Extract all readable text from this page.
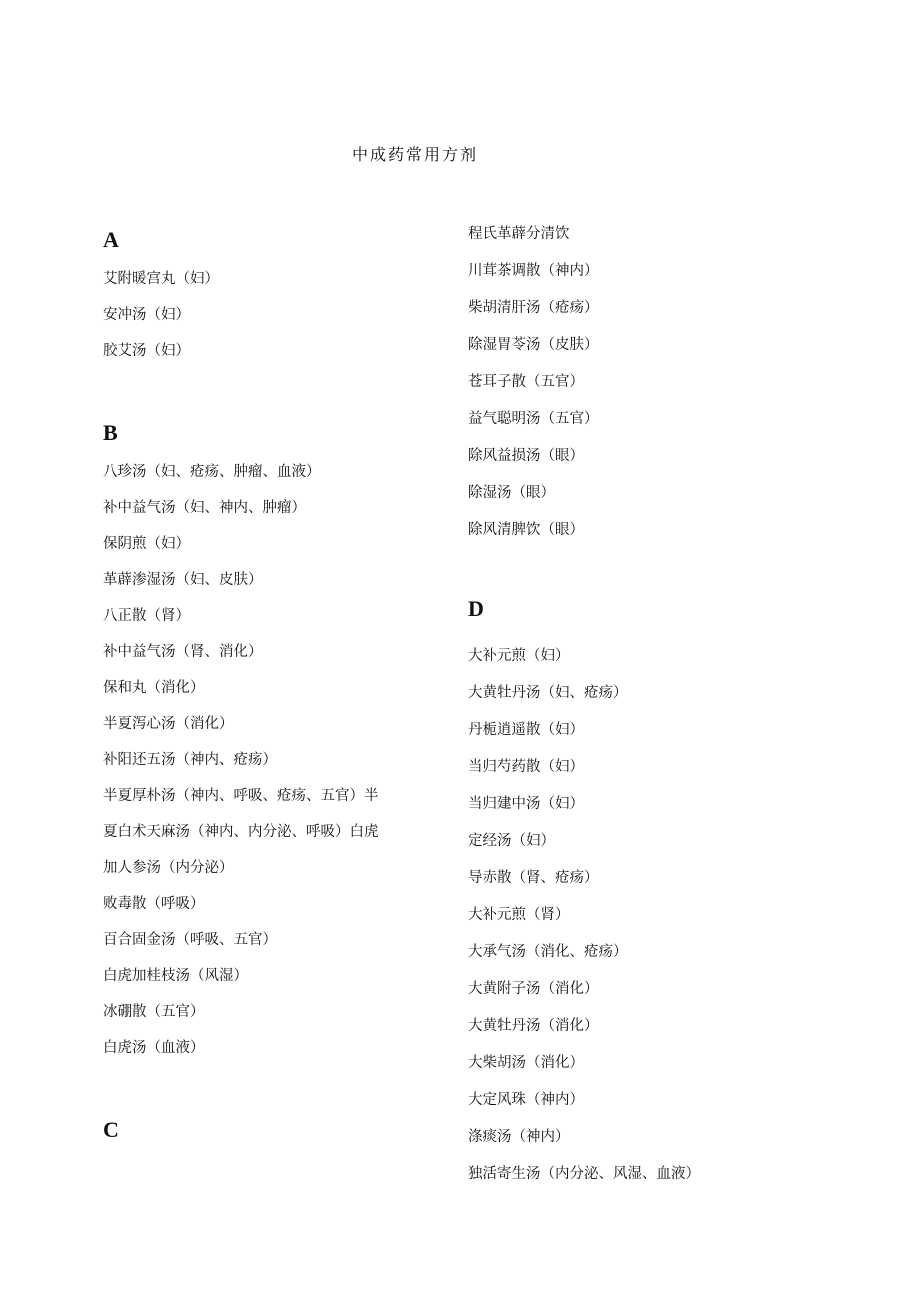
中成药常用方剂
A
艾附暖宫丸（妇）
安冲汤（妇）
胶艾汤（妇）
B
八珍汤（妇、疮疡、肿瘤、血液）
补中益气汤（妇、神内、肿瘤）
保阴煎（妇）
革薜渗湿汤（妇、皮肤）
八正散（肾）
补中益气汤（肾、消化）
保和丸（消化）
半夏泻心汤（消化）
补阳还五汤（神内、疮疡）
半夏厚朴汤（神内、呼吸、疮疡、五官）半
夏白术天麻汤（神内、内分泌、呼吸）白虎
加人参汤（内分泌）
败毒散（呼吸）
百合固金汤（呼吸、五官）
白虎加桂枝汤（风湿）
冰硼散（五官）
白虎汤（血液）
C
程氏革薜分清饮
川茸茶调散（神内）
柴胡清肝汤（疮疡）
除湿胃苓汤（皮肤）
苍耳子散（五官）
益气聪明汤（五官）
除风益损汤（眼）
除湿汤（眼）
除风清脾饮（眼）
D
大补元煎（妇）
大黄牡丹汤（妇、疮疡）
丹栀逍遥散（妇）
当归芍药散（妇）
当归建中汤（妇）
定经汤（妇）
导赤散（肾、疮疡）
大补元煎（肾）
大承气汤（消化、疮疡）
大黄附子汤（消化）
大黄牡丹汤（消化）
大柴胡汤（消化）
大定风珠（神内）
涤痰汤（神内）
独活寄生汤（内分泌、风湿、血液）
